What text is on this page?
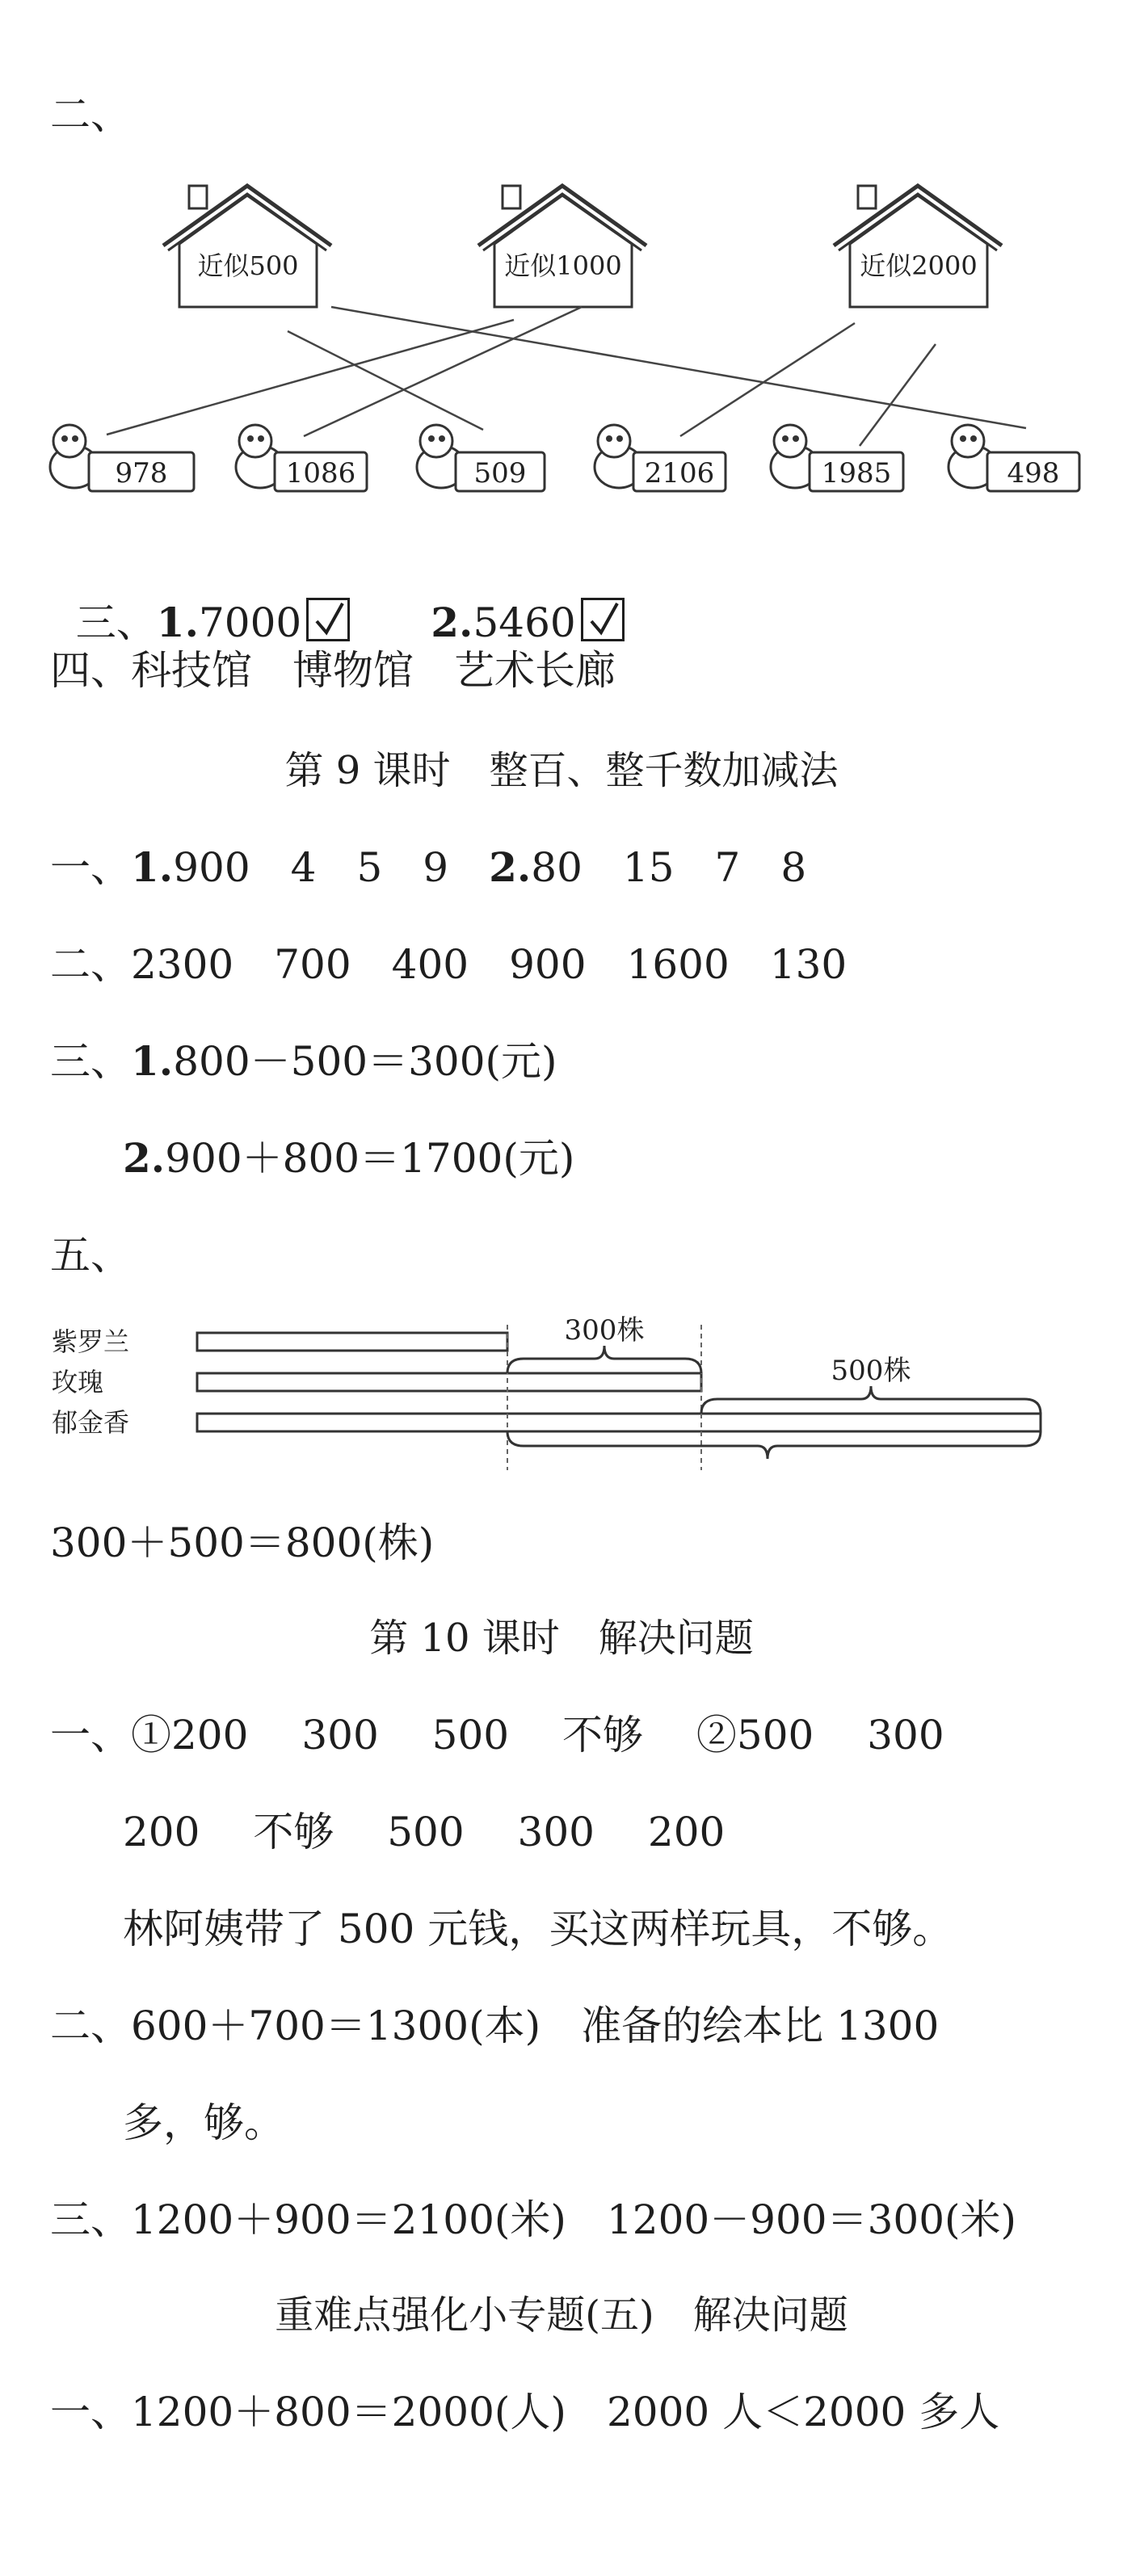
二、
近似500	近似1000	近似2000
978	1086	509	2106	1985	498

三、1.7000
　　	2.5460

四、科技馆　博物馆　艺术长廊
第 9 课时　整百、整千数加减法
一、1.900　4　5　9　 2.80　15　7　8
二、2300　700　400　900　1600　130
三、1.800－500＝300(元)
2.900＋800＝1700(元)
五、
紫罗兰
玫瑰
郁金香
300株
500株
300＋500＝800(株)
第 10 课时　解决问题
一、①200　 300　 500　 不够　 ②500　 300
200　 不够　 500　 300　 200
林阿姨带了 500 元钱，买这两样玩具，不够。
二、600＋700＝1300(本)　准备的绘本比 1300
多，够。
三、1200＋900＝2100(米)　1200－900＝300(米)
重难点强化小专题(五)　解决问题
一、1200＋800＝2000(人)　2000 人＜2000 多人
